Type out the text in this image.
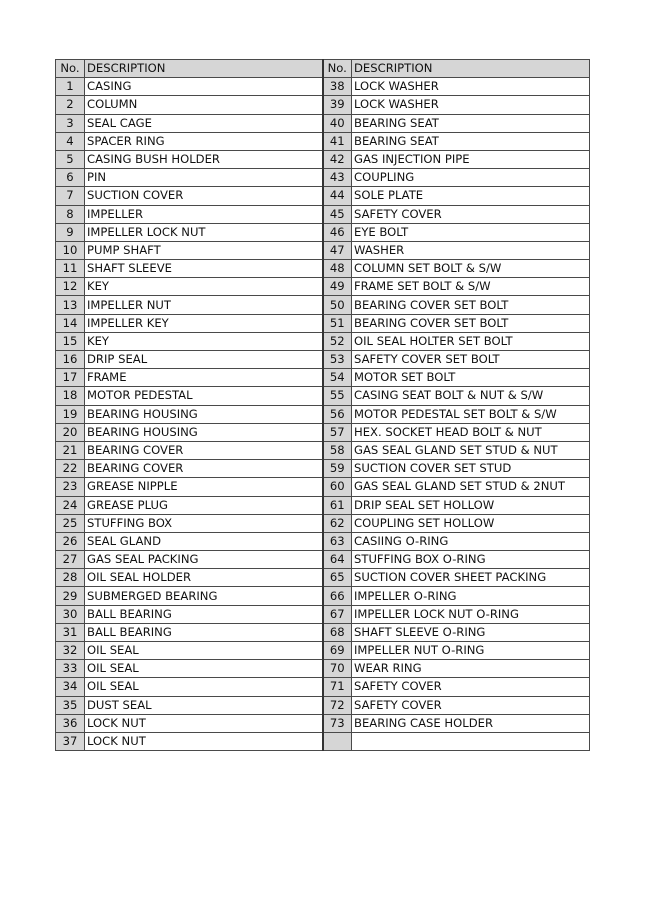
No.	DESCRIPTION	No.	DESCRIPTION
1	CASING	38	LOCK WASHER
2	COLUMN	39	LOCK WASHER
3	SEAL CAGE	40	BEARING SEAT
4	SPACER RING	41	BEARING SEAT
5	CASING BUSH HOLDER	42	GAS INJECTION PIPE
6	PIN	43	COUPLING
7	SUCTION COVER	44	SOLE PLATE
8	IMPELLER	45	SAFETY COVER
9	IMPELLER LOCK NUT	46	EYE BOLT
10	PUMP SHAFT	47	WASHER
11	SHAFT SLEEVE	48	COLUMN SET BOLT & S/W
12	KEY	49	FRAME SET BOLT & S/W
13	IMPELLER NUT	50	BEARING COVER SET BOLT
14	IMPELLER KEY	51	BEARING COVER SET BOLT
15	KEY	52	OIL SEAL HOLTER SET BOLT
16	DRIP SEAL	53	SAFETY COVER SET BOLT
17	FRAME	54	MOTOR SET BOLT
18	MOTOR PEDESTAL	55	CASING SEAT BOLT & NUT & S/W
19	BEARING HOUSING	56	MOTOR PEDESTAL SET BOLT & S/W
20	BEARING HOUSING	57	HEX. SOCKET HEAD BOLT & NUT
21	BEARING COVER	58	GAS SEAL GLAND SET STUD & NUT
22	BEARING COVER	59	SUCTION COVER SET STUD
23	GREASE NIPPLE	60	GAS SEAL GLAND SET STUD & 2NUT
24	GREASE PLUG	61	DRIP SEAL SET HOLLOW
25	STUFFING BOX	62	COUPLING SET HOLLOW
26	SEAL GLAND	63	CASIING O-RING
27	GAS SEAL PACKING	64	STUFFING BOX O-RING
28	OIL SEAL HOLDER	65	SUCTION COVER SHEET PACKING
29	SUBMERGED BEARING	66	IMPELLER O-RING
30	BALL BEARING	67	IMPELLER LOCK NUT O-RING
31	BALL BEARING	68	SHAFT SLEEVE O-RING
32	OIL SEAL	69	IMPELLER NUT O-RING
33	OIL SEAL	70	WEAR RING
34	OIL SEAL	71	SAFETY COVER
35	DUST SEAL	72	SAFETY COVER
36	LOCK NUT	73	BEARING CASE HOLDER
37	LOCK NUT		
